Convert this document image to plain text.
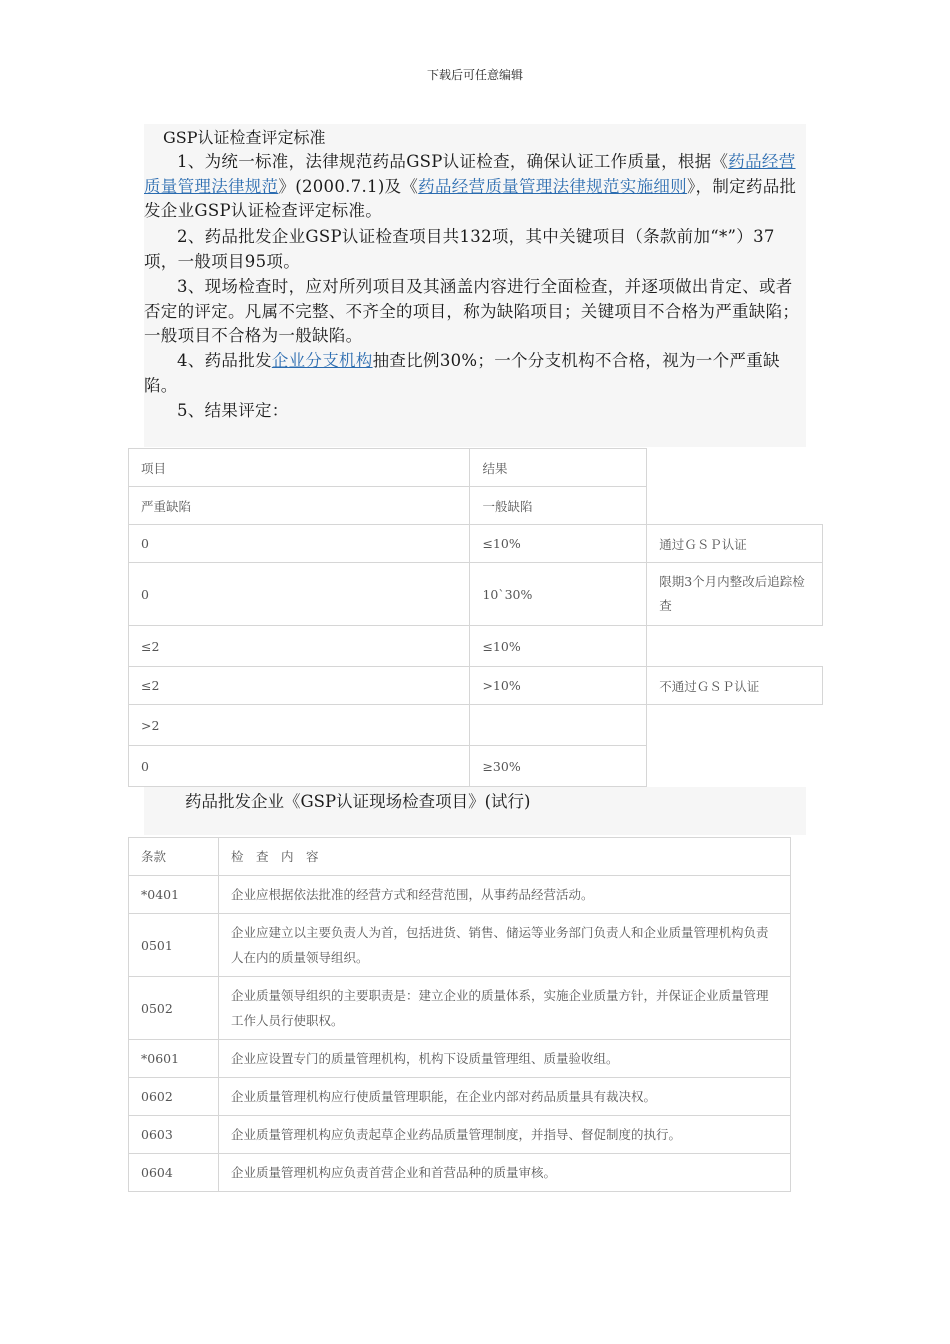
下载后可任意编辑
GSP认证检查评定标准
1、为统一标准，法律规范药品GSP认证检查，确保认证工作质量，根据《药品经营质量管理法律规范》(2000.7.1)及《药品经营质量管理法律规范实施细则》，制定药品批发企业GSP认证检查评定标准。
2、药品批发企业GSP认证检查项目共132项，其中关键项目（条款前加“*”）37项，一般项目95项。
3、现场检查时，应对所列项目及其涵盖内容进行全面检查，并逐项做出肯定、或者否定的评定。凡属不完整、不齐全的项目，称为缺陷项目；关键项目不合格为严重缺陷；一般项目不合格为一般缺陷。
4、药品批发企业分支机构抽查比例30%；一个分支机构不合格，视为一个严重缺陷。
5、结果评定：
项目	结果	
严重缺陷	一般缺陷	
0	≤10%	通过ＧＳＰ认证
0	10`30%	限期3个月内整改后追踪检查
≤2	≤10%	
≤2	>10%	不通过ＧＳＰ认证
>2		
0	≥30%	
药品批发企业《GSP认证现场检查项目》(试行)
条款	检　查　内　容
*0401	企业应根据依法批准的经营方式和经营范围，从事药品经营活动。
0501	企业应建立以主要负责人为首，包括进货、销售、储运等业务部门负责人和企业质量管理机构负责人在内的质量领导组织。
0502	企业质量领导组织的主要职责是：建立企业的质量体系，实施企业质量方针，并保证企业质量管理工作人员行使职权。
*0601	企业应设置专门的质量管理机构，机构下设质量管理组、质量验收组。
0602	企业质量管理机构应行使质量管理职能，在企业内部对药品质量具有裁决权。
0603	企业质量管理机构应负责起草企业药品质量管理制度，并指导、督促制度的执行。
0604	企业质量管理机构应负责首营企业和首营品种的质量审核。
